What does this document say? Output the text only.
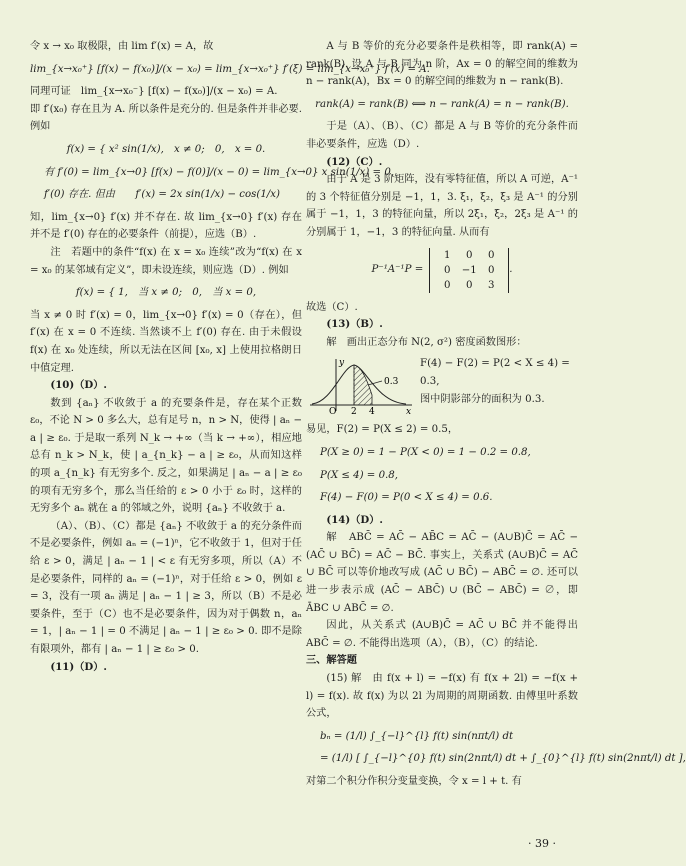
令 x → x₀ 取极限，由 lim f′(x) = A，故

lim_{x→x₀⁺} [f(x) − f(x₀)]/(x − x₀) = lim_{x→x₀⁺} f′(ξ) = lim_{x→x₀⁺} f′(x) = A.

同理可证　lim_{x→x₀⁻} [f(x) − f(x₀)]/(x − x₀) = A.

即 f′(x₀) 存在且为 A. 所以条件是充分的. 但是条件并非必要. 例如

f(x) = { x² sin(1/x),　x ≠ 0;　0,　x = 0.
有 f′(0) = lim_{x→0} [f(x) − f(0)]/(x − 0) = lim_{x→0} x sin(1/x) = 0,
f′(0) 存在. 但由　　f′(x) = 2x sin(1/x) − cos(1/x)

知，lim_{x→0} f′(x) 并不存在. 故 lim_{x→0} f′(x) 存在并不是 f′(0) 存在的必要条件（前提），应选（B）.

注　若题中的条件“f(x) 在 x = x₀ 连续”改为“f(x) 在 x = x₀ 的某邻域有定义”，即未设连续，则应选（D）. 例如

f(x) = { 1,　当 x ≠ 0;　0,　当 x = 0,

当 x ≠ 0 时 f′(x) = 0，lim_{x→0} f′(x) = 0（存在），但 f′(x) 在 x = 0 不连续. 当然谈不上 f′(0) 存在. 由于未假设 f(x) 在 x₀ 处连续，所以无法在区间 [x₀, x] 上使用拉格朗日中值定理.

(10)（D）.

数到 {aₙ} 不收敛于 a 的充要条件是，存在某个正数 ε₀，不论 N > 0 多么大，总有足号 n，n > N，使得 | aₙ − a | ≥ ε₀. 于是取一系列 N_k → +∞（当 k → +∞），相应地总有 n_k > N_k，使 | a_{n_k} − a | ≥ ε₀，从而知这样的项 a_{n_k} 有无穷多个. 反之，如果满足 | aₙ − a | ≥ ε₀ 的项有无穷多个，那么当任给的 ε > 0 小于 ε₀ 时，这样的无穷多个 aₙ 就在 a 的邻域之外，说明 {aₙ} 不收敛于 a.

（A）、（B）、（C）都是 {aₙ} 不收敛于 a 的充分条件而不是必要条件，例如 aₙ = (−1)ⁿ，它不收敛于 1，但对于任给 ε > 0，满足 | aₙ − 1 | < ε 有无穷多项，所以（A）不是必要条件，同样的 aₙ = (−1)ⁿ，对于任给 ε > 0，例如 ε = 3，没有一项 aₙ 满足 | aₙ − 1 | ≥ 3，所以（B）不是必要条件，至于（C）也不是必要条件，因为对于偶数 n，aₙ = 1，| aₙ − 1 | = 0 不满足 | aₙ − 1 | ≥ ε₀ > 0. 即不是除有限项外，都有 | aₙ − 1 | ≥ ε₀ > 0.

(11)（D）.

A 与 B 等价的充分必要条件是秩相等，即 rank(A) = rank(B). 设 A 与 B 同为 n 阶，Ax = 0 的解空间的维数为 n − rank(A)，Bx = 0 的解空间的维数为 n − rank(B).

rank(A) = rank(B) ⟺ n − rank(A) = n − rank(B).

于是（A）、（B）、（C）都是 A 与 B 等价的充分条件而非必要条件，应选（D）.

(12)（C）.

由于 A 是 3 阶矩阵，没有零特征值，所以 A 可逆，A⁻¹ 的 3 个特征值分别是 −1，1，3. ξ₁，ξ₂，ξ₃ 是 A⁻¹ 的分别属于 −1，1，3 的特征向量，所以 2ξ₁，ξ₂，2ξ₃ 是 A⁻¹ 的分别属于 1，−1，3 的特征向量. 从而有

P⁻¹A⁻¹P =
1	0	0
0	−1	0
0	0	3
.

故选（C）.

(13)（B）.

解　画出正态分布 N(2, σ²) 密度函数图形：

0.3
y
x
O 2 4
F(4) − F(2) = P(2 < X ≤ 4) = 0.3,
图中阴影部分的面积为 0.3.

易见，F(2) = P(X ≤ 2) = 0.5，

P(X ≥ 0) = 1 − P(X < 0) = 1 − 0.2 = 0.8,
P(X ≤ 4) = 0.8,
F(4) − F(0) = P(0 < X ≤ 4) = 0.6.

(14)（D）.

解　ABC̄ = AC̄ − AB̄C = AC̄ − (A∪B)C̄ = AC̄ − (AC̄ ∪ BC̄) = AC̄ − BC̄. 事实上，关系式 (A∪B)C̄ = AC̄ ∪ BC̄ 可以等价地改写成 (AC̄ ∪ BC̄) − ABC̄ = ∅. 还可以进一步表示成 (AC̄ − ABC̄) ∪ (BC̄ − ABC̄) = ∅，即 ĀBC ∪ ABC̄ = ∅.

因此，从关系式 (A∪B)C̄ = AC̄ ∪ BC̄ 并不能得出 ABC̄ = ∅. 不能得出选项（A），（B），（C）的结论.

三、解答题

(15) 解　由 f(x + l) = −f(x) 有 f(x + 2l) = −f(x + l) = f(x). 故 f(x) 为以 2l 为周期的周期函数. 由傅里叶系数公式，

bₙ = (1/l) ∫_{−l}^{l} f(t) sin(nπt/l) dt
= (1/l) [ ∫_{−l}^{0} f(t) sin(2nπt/l) dt + ∫_{0}^{l} f(t) sin(2nπt/l) dt ],

对第二个积分作积分变量变换，令 x = l + t. 有

· 39 ·
